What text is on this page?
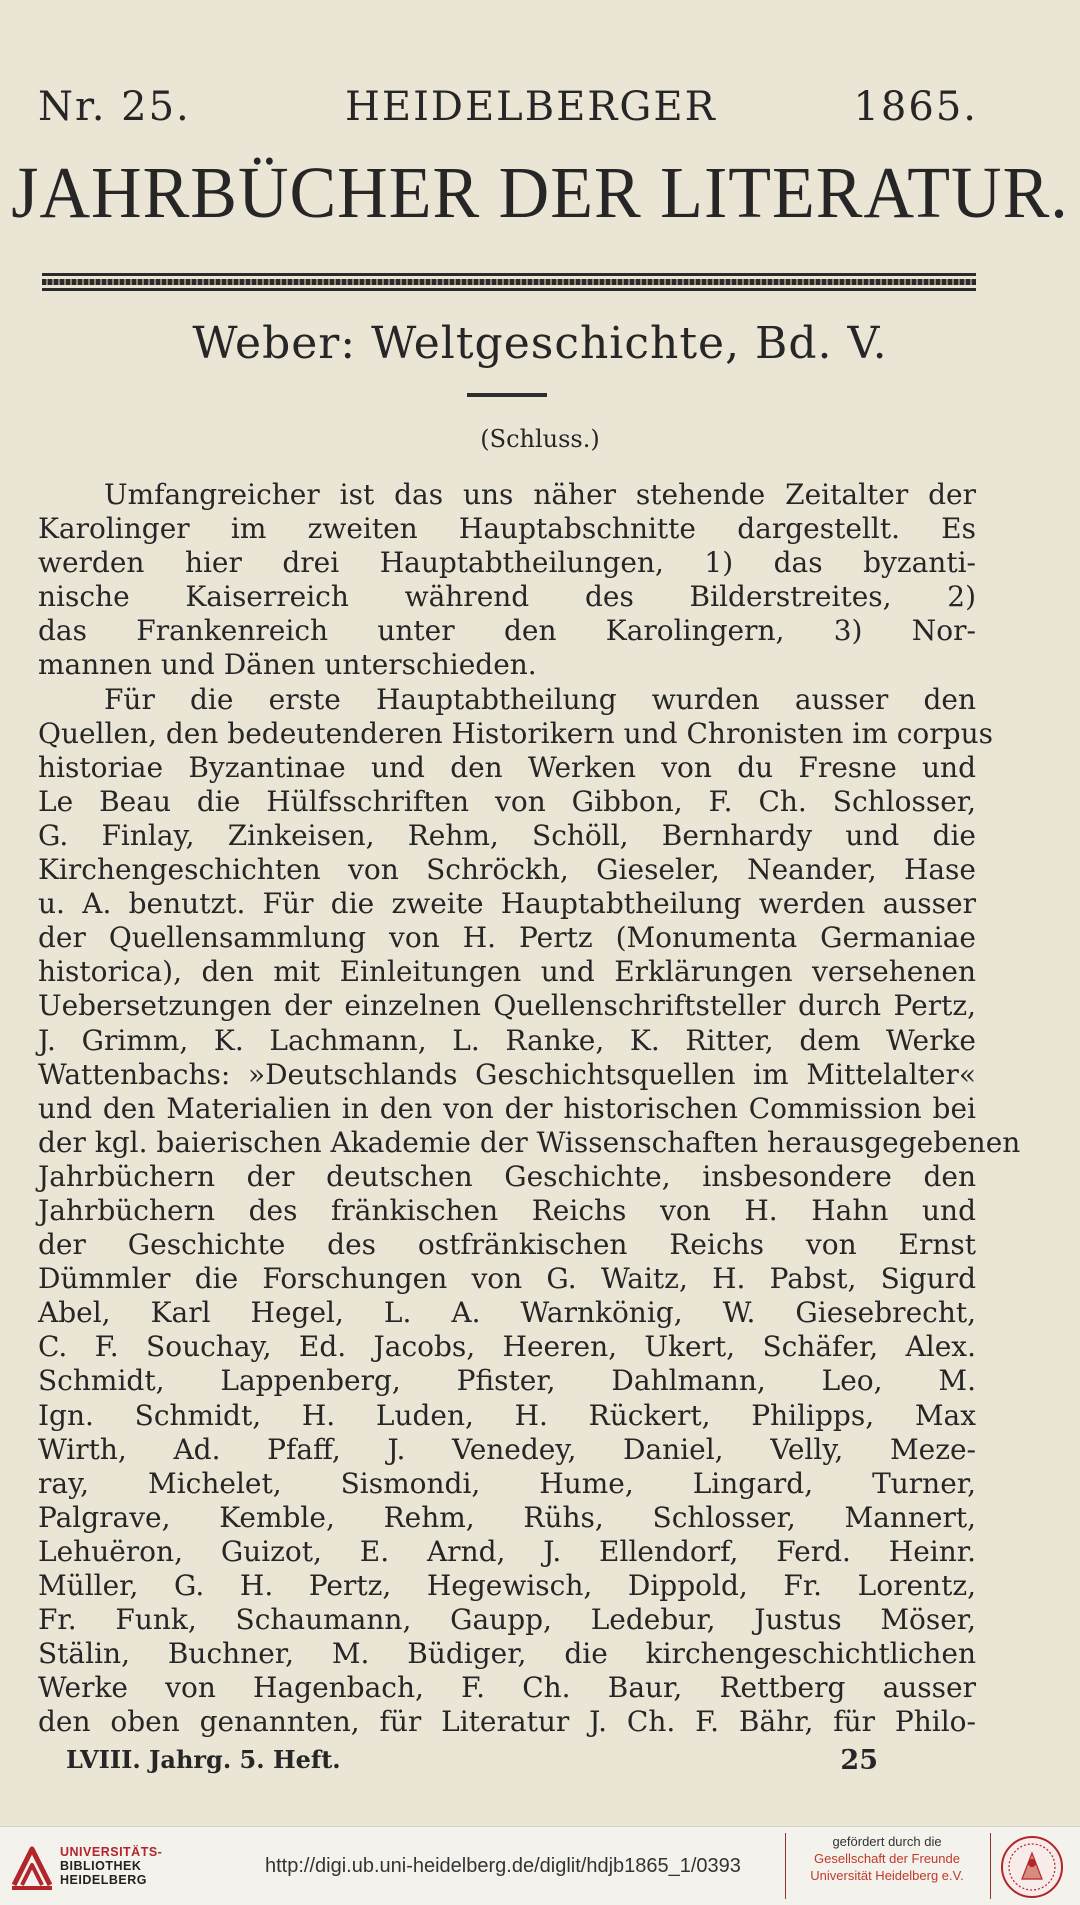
Nr. 25.	HEIDELBERGER	1865.
JAHRBÜCHER DER LITERATUR.
Weber: Weltgeschichte, Bd. V.
(Schluss.)
Umfangreicher ist das uns näher stehende Zeitalter der
Karolinger im zweiten Hauptabschnitte dargestellt. Es
werden hier drei Hauptabtheilungen, 1) das byzanti-
nische Kaiserreich während des Bilderstreites, 2)
das Frankenreich unter den Karolingern, 3) Nor-
mannen und Dänen unterschieden.
Für die erste Hauptabtheilung wurden ausser den
Quellen, den bedeutenderen Historikern und Chronisten im corpus
historiae Byzantinae und den Werken von du Fresne und
Le Beau die Hülfsschriften von Gibbon, F. Ch. Schlosser,
G. Finlay, Zinkeisen, Rehm, Schöll, Bernhardy und die
Kirchengeschichten von Schröckh, Gieseler, Neander, Hase
u. A. benutzt. Für die zweite Hauptabtheilung werden ausser
der Quellensammlung von H. Pertz (Monumenta Germaniae
historica), den mit Einleitungen und Erklärungen versehenen
Uebersetzungen der einzelnen Quellenschriftsteller durch Pertz,
J. Grimm, K. Lachmann, L. Ranke, K. Ritter, dem Werke
Wattenbachs: »Deutschlands Geschichtsquellen im Mittelalter«
und den Materialien in den von der historischen Commission bei
der kgl. baierischen Akademie der Wissenschaften herausgegebenen
Jahrbüchern der deutschen Geschichte, insbesondere den
Jahrbüchern des fränkischen Reichs von H. Hahn und
der Geschichte des ostfränkischen Reichs von Ernst
Dümmler die Forschungen von G. Waitz, H. Pabst, Sigurd
Abel, Karl Hegel, L. A. Warnkönig, W. Giesebrecht,
C. F. Souchay, Ed. Jacobs, Heeren, Ukert, Schäfer, Alex.
Schmidt, Lappenberg, Pfister, Dahlmann, Leo, M.
Ign. Schmidt, H. Luden, H. Rückert, Philipps, Max
Wirth, Ad. Pfaff, J. Venedey, Daniel, Velly, Meze-
ray, Michelet, Sismondi, Hume, Lingard, Turner,
Palgrave, Kemble, Rehm, Rühs, Schlosser, Mannert,
Lehuëron, Guizot, E. Arnd, J. Ellendorf, Ferd. Heinr.
Müller, G. H. Pertz, Hegewisch, Dippold, Fr. Lorentz,
Fr. Funk, Schaumann, Gaupp, Ledebur, Justus Möser,
Stälin, Buchner, M. Büdiger, die kirchengeschichtlichen
Werke von Hagenbach, F. Ch. Baur, Rettberg ausser
den oben genannten, für Literatur J. Ch. F. Bähr, für Philo-
LVIII. Jahrg. 5. Heft.	25
UNIVERSITÄTS-
BIBLIOTHEK
HEIDELBERG
http://digi.ub.uni-heidelberg.de/diglit/hdjb1865_1/0393
gefördert durch die
Gesellschaft der Freunde
Universität Heidelberg e.V.
